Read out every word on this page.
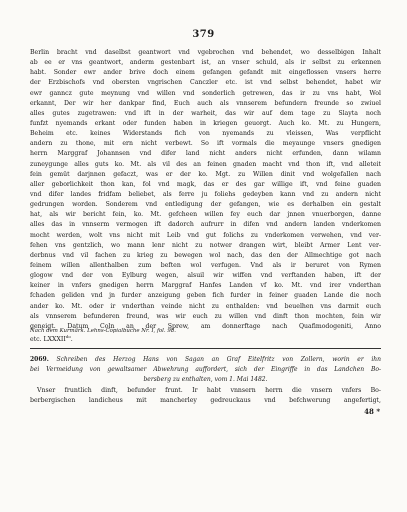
379
Berlin bracht vnd daselbst geantwort vnd vgebrochen vnd behendet, wo desselbigen Inhalt
ab ee er vns geantwort, anderm gestenbart ist, an vnser schuld, als ir selbst zu erkennen
habt. Sonder ewr ander brive doch einem gefangen gefandt mit eingeflossen vnsers herre
der Erzbischofs vnd obersten vngrischen Canczler etc. ist vnd selbst behendet, habet wir
ewr ganncz gute meynung vnd willen vnd sonderlich getrewen, das ir zu vns habt, Wol
erkannt, Der wir her dankpar find, Euch auch als vnnserem befundern freunde so zwiuel
alles gutes zugetrawen: vnd ift in der warheit, das wir auf dem tage zu Slayta noch
funfzt nyemands erkant oder funden haben in kriegen geuorgt. Auch ko. Mt. zu Hungern,
Beheim etc. keines Widerstands fich von nyemands zu vleissen, Was verpflicht
andern zu thone, mit ern nicht verbewt. So ift vormals die meyaunge vnsers gnedigen
herrn Marggraf Johannsen vnd difer land nicht anders nicht erfunden, dann wilamn
zuneygunge alles guts ko. Mt. als vil des an feinen gnaden macht vnd thon ift, vnd alleteit
fein gemüt darjnnen gefaczt, was er der ko. Mgt. zu Willen dinit vnd wolgefallen nach
aller geborlichkeit thon kan, fol vnd magk, das er des gar willige ift, vnd feine guaden
vnd difer landes fridfam beliebet, als ferre ju foliehs gedeyben kann vnd zu andern nicht
gedrungen worden. Sonderem vnd entledigung der gefangen, wie es derhalben ein gestalt
hat, als wir bericht fein, ko. Mt. gefcheen willen fey euch dar jnnen vnuerborgen, danne
alles das in vnnserm vermogen ift dadorch aufrurr in difen vnd andern landen vnderkomen
mocht werden, wolt vns nicht mit Leib vnd gut folichs zu vnderkomen verwehen, vnd ver-
fehen vns gentzlich, wo mann lenr nicht zu notwer drangen wirt, bleibt Armer Lent ver-
derbnus vnd vil fachen zu krieg zu bewegen wol nach, das den der Allmechtige got nach
feinem willen allenthalben zum beften wol verfugen. Vnd als ir beruret von Rymen
glogow vnd der von Eylburg wegen, alsuil wir wiffen vnd verftanden haben, ift der
keiner in vnfers gnedigen herrn Marggraf Hanfes Landen vf ko. Mt. vnd irer vnderthan
fchaden geliden vnd jn furder anzeigung geben fich furder in feiner guaden Lande die noch
ander ko. Mt. oder ir vnderthan veinde nicht zu enthalden: vnd beuelhen vns darmit euch
als vnnserem befunderen freund, was wir euch zu willen vnd dinft thon mochten, fein wir
geneigt. Datum Coln an der Sprew, am donnerftage nach Quafimodogeniti, Anno
etc. $LXXXII^{do}$.
Nach dem Kurmärk. Lehns-Copialbuche Nr. I, fol. 98.
2069. Schreiben des Herzog Hans von Sagan an Graf Eitelfritz von Zollern, worin er ihn
bei Vermeidung von gewaltsamer Abwehrung auffordert, sich der Eingriffe in das Landchen Bo-
bersberg zu enthalten, vom 1. Mai 1482.
Vnser fruntlich dinft, befunder frunt. Ir habt vnnsern herrn die vnsern vnfers Bo-
berbergischen landicheus mit mancherley gedreuckaus vnd befchwerung angefertigt,
48 *
